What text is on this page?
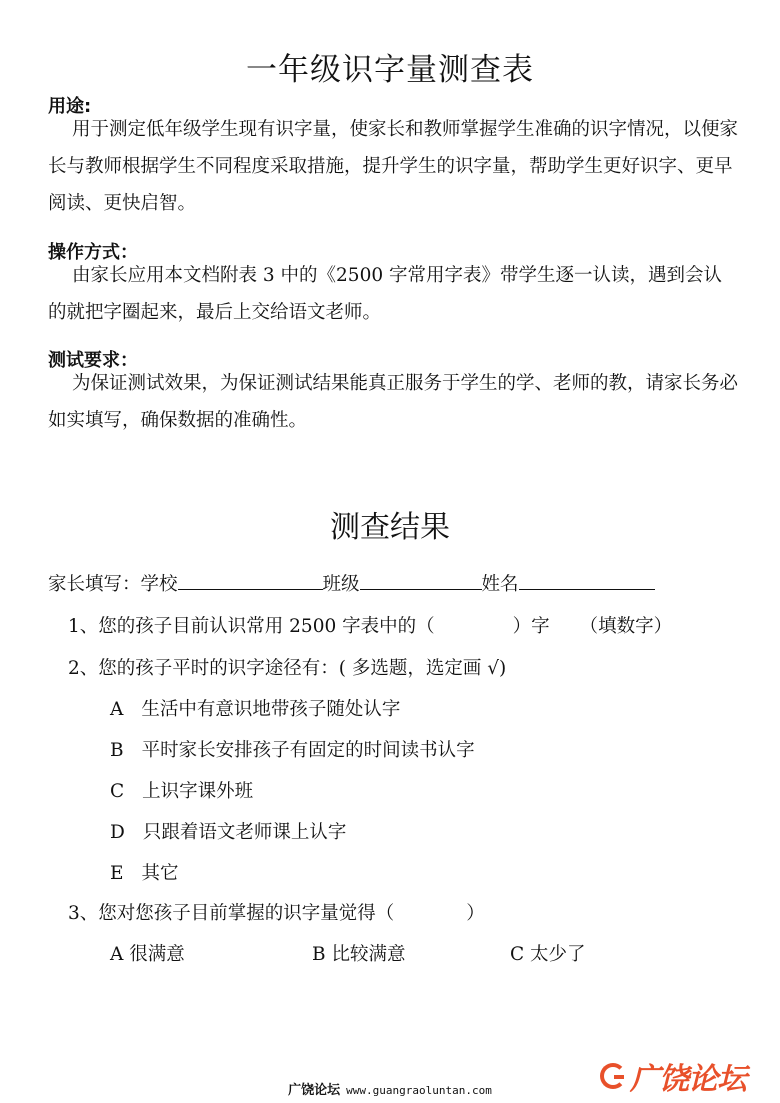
一年级识字量测查表
用途:

用于测定低年级学生现有识字量，使家长和教师掌握学生准确的识字情况，以便家长与教师根据学生不同程度采取措施，提升学生的识字量，帮助学生更好识字、更早阅读、更快启智。

操作方式：

由家长应用本文档附表 3 中的《2500 字常用字表》带学生逐一认读，遇到会认的就把字圈起来，最后上交给语文老师。

测试要求：

为保证测试效果，为保证测试结果能真正服务于学生的学、老师的教，请家长务必如实填写，确保数据的准确性。

测查结果
家长填写：学校	班级	姓名
1、您的孩子目前认识常用 2500 字表中的（	）字 （填数字）
2、您的孩子平时的识字途径有：( 多选题，选定画 √)
A 生活中有意识地带孩子随处认字
B 平时家长安排孩子有固定的时间读书认字
C 上识字课外班
D 只跟着语文老师课上认字
E 其它
3、您对您孩子目前掌握的识字量觉得（	）
A 很满意	B 比较满意	C 太少了
广饶论坛
广饶论坛 www.guangraoluntan.com
